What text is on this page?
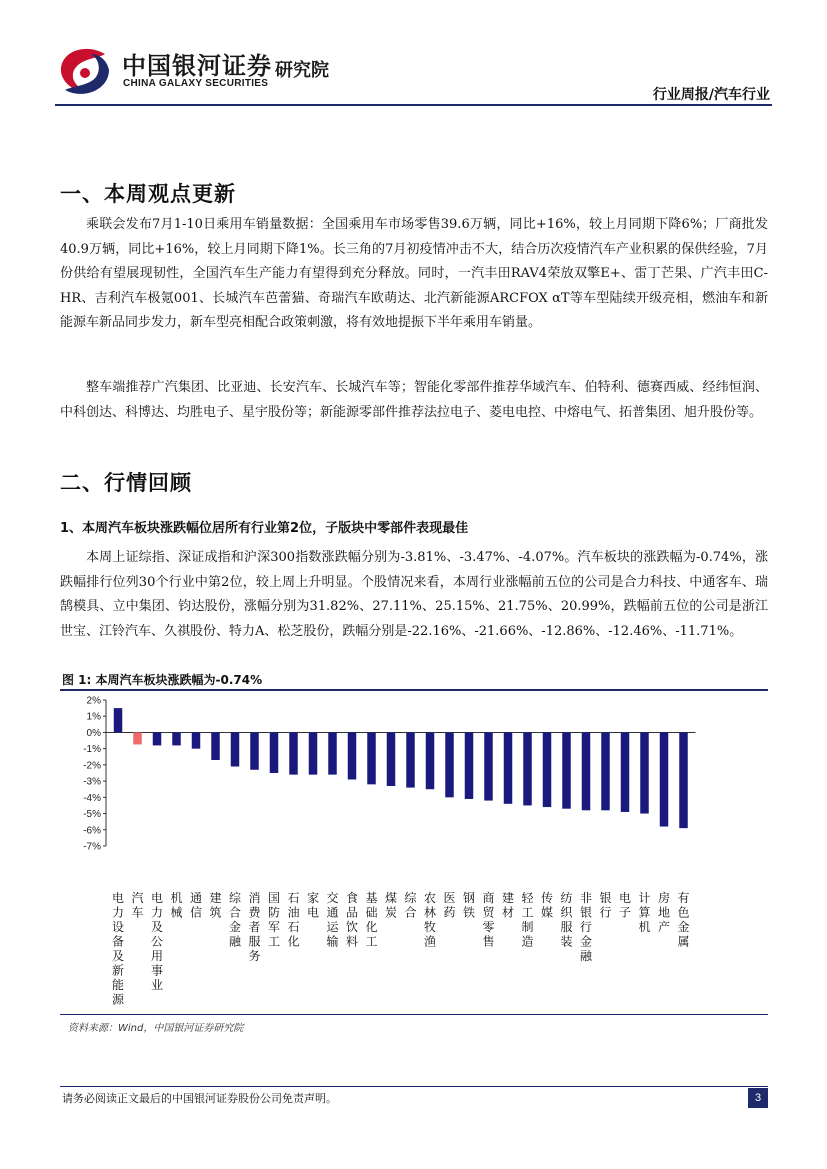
中国银河证券 研究院
CHINA GALAXY SECURITIES
行业周报/汽车行业
一、本周观点更新

乘联会发布7月1-10日乘用车销量数据：全国乘用车市场零售39.6万辆，同比+16%，较上月同期下降6%；厂商批发40.9万辆，同比+16%，较上月同期下降1%。长三角的7月初疫情冲击不大，结合历次疫情汽车产业积累的保供经验，7月份供给有望展现韧性，全国汽车生产能力有望得到充分释放。同时，一汽丰田RAV4荣放双擎E+、雷丁芒果、广汽丰田C-HR、吉利汽车极氪001、长城汽车芭蕾猫、奇瑞汽车欧萌达、北汽新能源ARCFOX αT等车型陆续开级亮相，燃油车和新能源车新品同步发力，新车型亮相配合政策刺激，将有效地提振下半年乘用车销量。

整车端推荐广汽集团、比亚迪、长安汽车、长城汽车等；智能化零部件推荐华域汽车、伯特利、德赛西威、经纬恒润、中科创达、科博达、均胜电子、星宇股份等；新能源零部件推荐法拉电子、菱电电控、中熔电气、拓普集团、旭升股份等。

二、行情回顾
1、本周汽车板块涨跌幅位居所有行业第2位，子版块中零部件表现最佳

本周上证综指、深证成指和沪深300指数涨跌幅分别为-3.81%、-3.47%、-4.07%。汽车板块的涨跌幅为-0.74%，涨跌幅排行位列30个行业中第2位，较上周上升明显。个股情况来看，本周行业涨幅前五位的公司是合力科技、中通客车、瑞鹄模具、立中集团、钧达股份，涨幅分别为31.82%、27.11%、25.15%、21.75%、20.99%，跌幅前五位的公司是浙江世宝、江铃汽车、久祺股份、特力A、松芝股份，跌幅分别是-22.16%、-21.66%、-12.86%、-12.46%、-11.71%。

图 1: 本周汽车板块涨跌幅为-0.74%
2%
1%
0%
-1%
-2%
-3%
-4%
-5%
-6%
-7%
电力设备及新能源
汽车
电力及公用事业
机械
通信
建筑
综合金融
消费者服务
国防军工
石油石化
家电
交通运输
食品饮料
基础化工
煤炭
综合
农林牧渔
医药
钢铁
商贸零售
建材
轻工制造
传媒
纺织服装
非银行金融
银行
电子
计算机
房地产
有色金属
资料来源：Wind，中国银河证券研究院
请务必阅读正文最后的中国银河证券股份公司免责声明。	3
